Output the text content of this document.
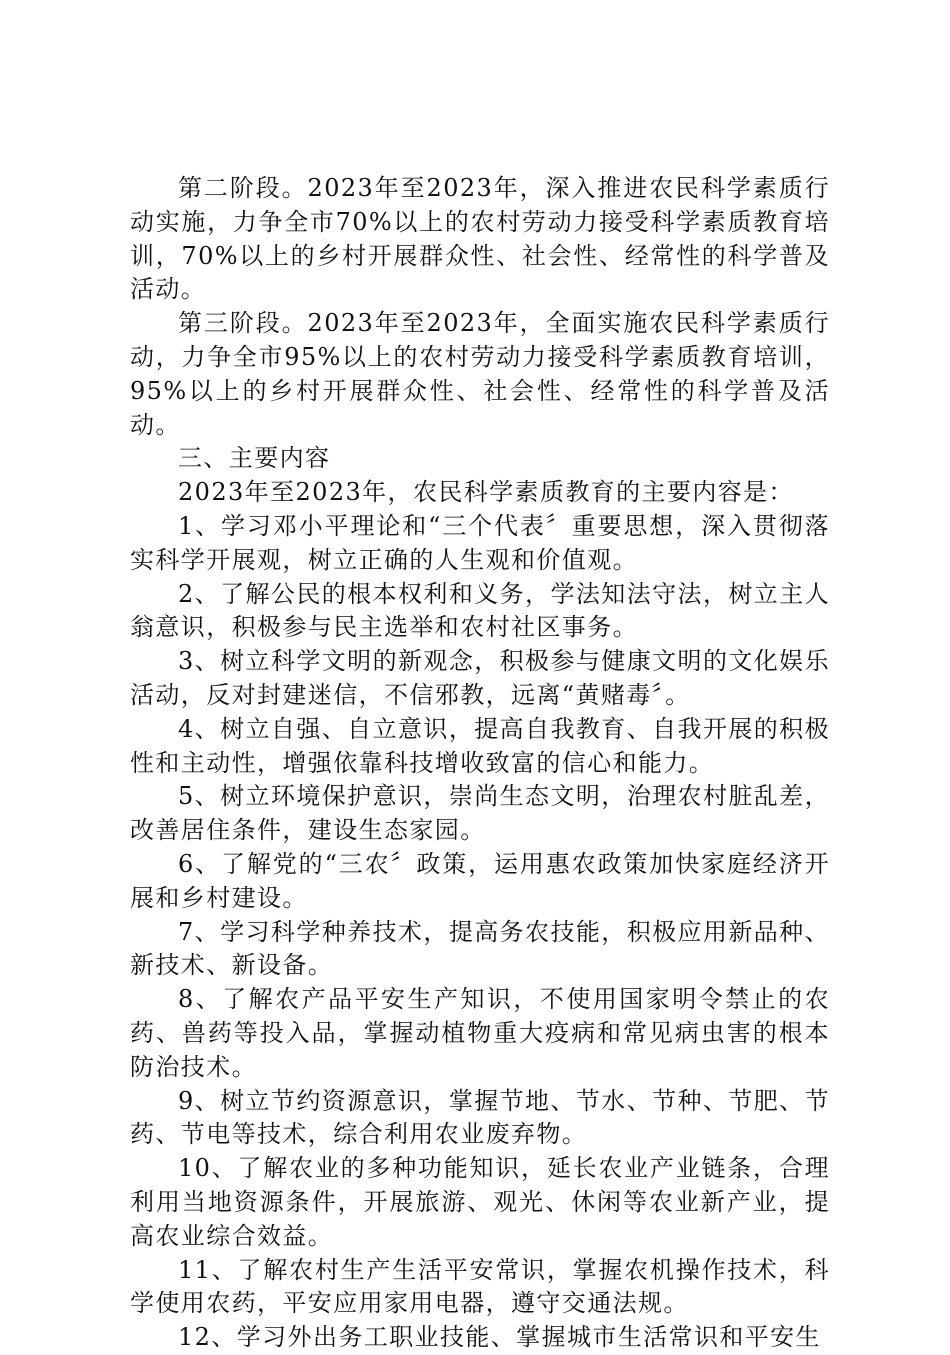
第二阶段。2023年至2023年，深入推进农民科学素质行动实施，力争全市70%以上的农村劳动力接受科学素质教育培训，70%以上的乡村开展群众性、社会性、经常性的科学普及活动。

第三阶段。2023年至2023年，全面实施农民科学素质行动，力争全市95%以上的农村劳动力接受科学素质教育培训，95%以上的乡村开展群众性、社会性、经常性的科学普及活动。

三、主要内容

2023年至2023年，农民科学素质教育的主要内容是：

1、学习邓小平理论和“三个代表〞重要思想，深入贯彻落实科学开展观，树立正确的人生观和价值观。

2、了解公民的根本权利和义务，学法知法守法，树立主人翁意识，积极参与民主选举和农村社区事务。

3、树立科学文明的新观念，积极参与健康文明的文化娱乐活动，反对封建迷信，不信邪教，远离“黄赌毒〞。

4、树立自强、自立意识，提高自我教育、自我开展的积极性和主动性，增强依靠科技增收致富的信心和能力。

5、树立环境保护意识，崇尚生态文明，治理农村脏乱差，改善居住条件，建设生态家园。

6、了解党的“三农〞政策，运用惠农政策加快家庭经济开展和乡村建设。

7、学习科学种养技术，提高务农技能，积极应用新品种、新技术、新设备。

8、了解农产品平安生产知识，不使用国家明令禁止的农药、兽药等投入品，掌握动植物重大疫病和常见病虫害的根本防治技术。

9、树立节约资源意识，掌握节地、节水、节种、节肥、节药、节电等技术，综合利用农业废弃物。

10、了解农业的多种功能知识，延长农业产业链条，合理利用当地资源条件，开展旅游、观光、休闲等农业新产业，提高农业综合效益。

11、了解农村生产生活平安常识，掌握农机操作技术，科学使用农药，平安应用家用电器，遵守交通法规。

12、学习外出务工职业技能、掌握城市生活常识和平安生
